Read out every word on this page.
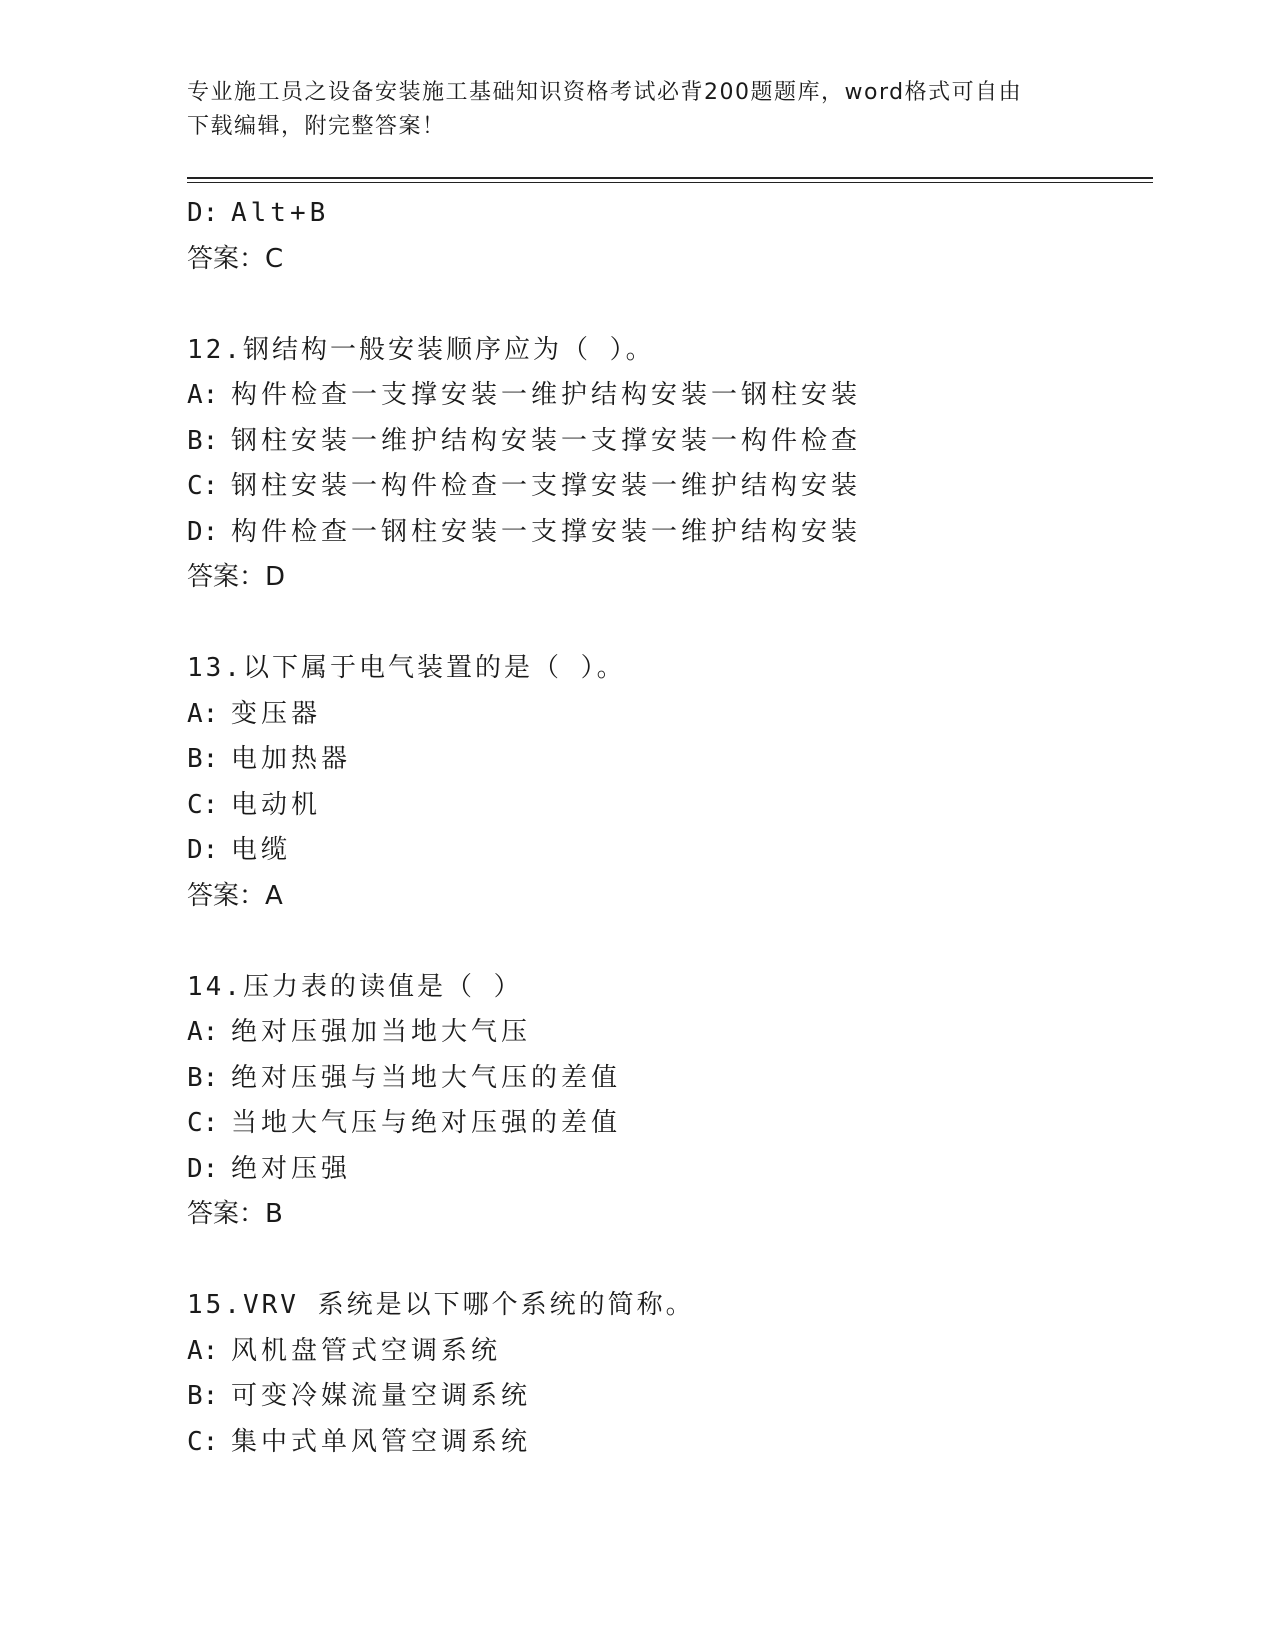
专业施工员之设备安装施工基础知识资格考试必背200题题库，word格式可自由
下载编辑，附完整答案！
D: Alt+B
答案：C
12.钢结构一般安装顺序应为（ ）。
A: 构件检查一支撑安装一维护结构安装一钢柱安装
B: 钢柱安装一维护结构安装一支撑安装一构件检查
C: 钢柱安装一构件检查一支撑安装一维护结构安装
D: 构件检查一钢柱安装一支撑安装一维护结构安装
答案：D
13.以下属于电气装置的是（ ）。
A: 变压器
B: 电加热器
C: 电动机
D: 电缆
答案：A
14.压力表的读值是（ ）
A: 绝对压强加当地大气压
B: 绝对压强与当地大气压的差值
C: 当地大气压与绝对压强的差值
D: 绝对压强
答案：B
15.VRV 系统是以下哪个系统的简称。
A: 风机盘管式空调系统
B: 可变冷媒流量空调系统
C: 集中式单风管空调系统
